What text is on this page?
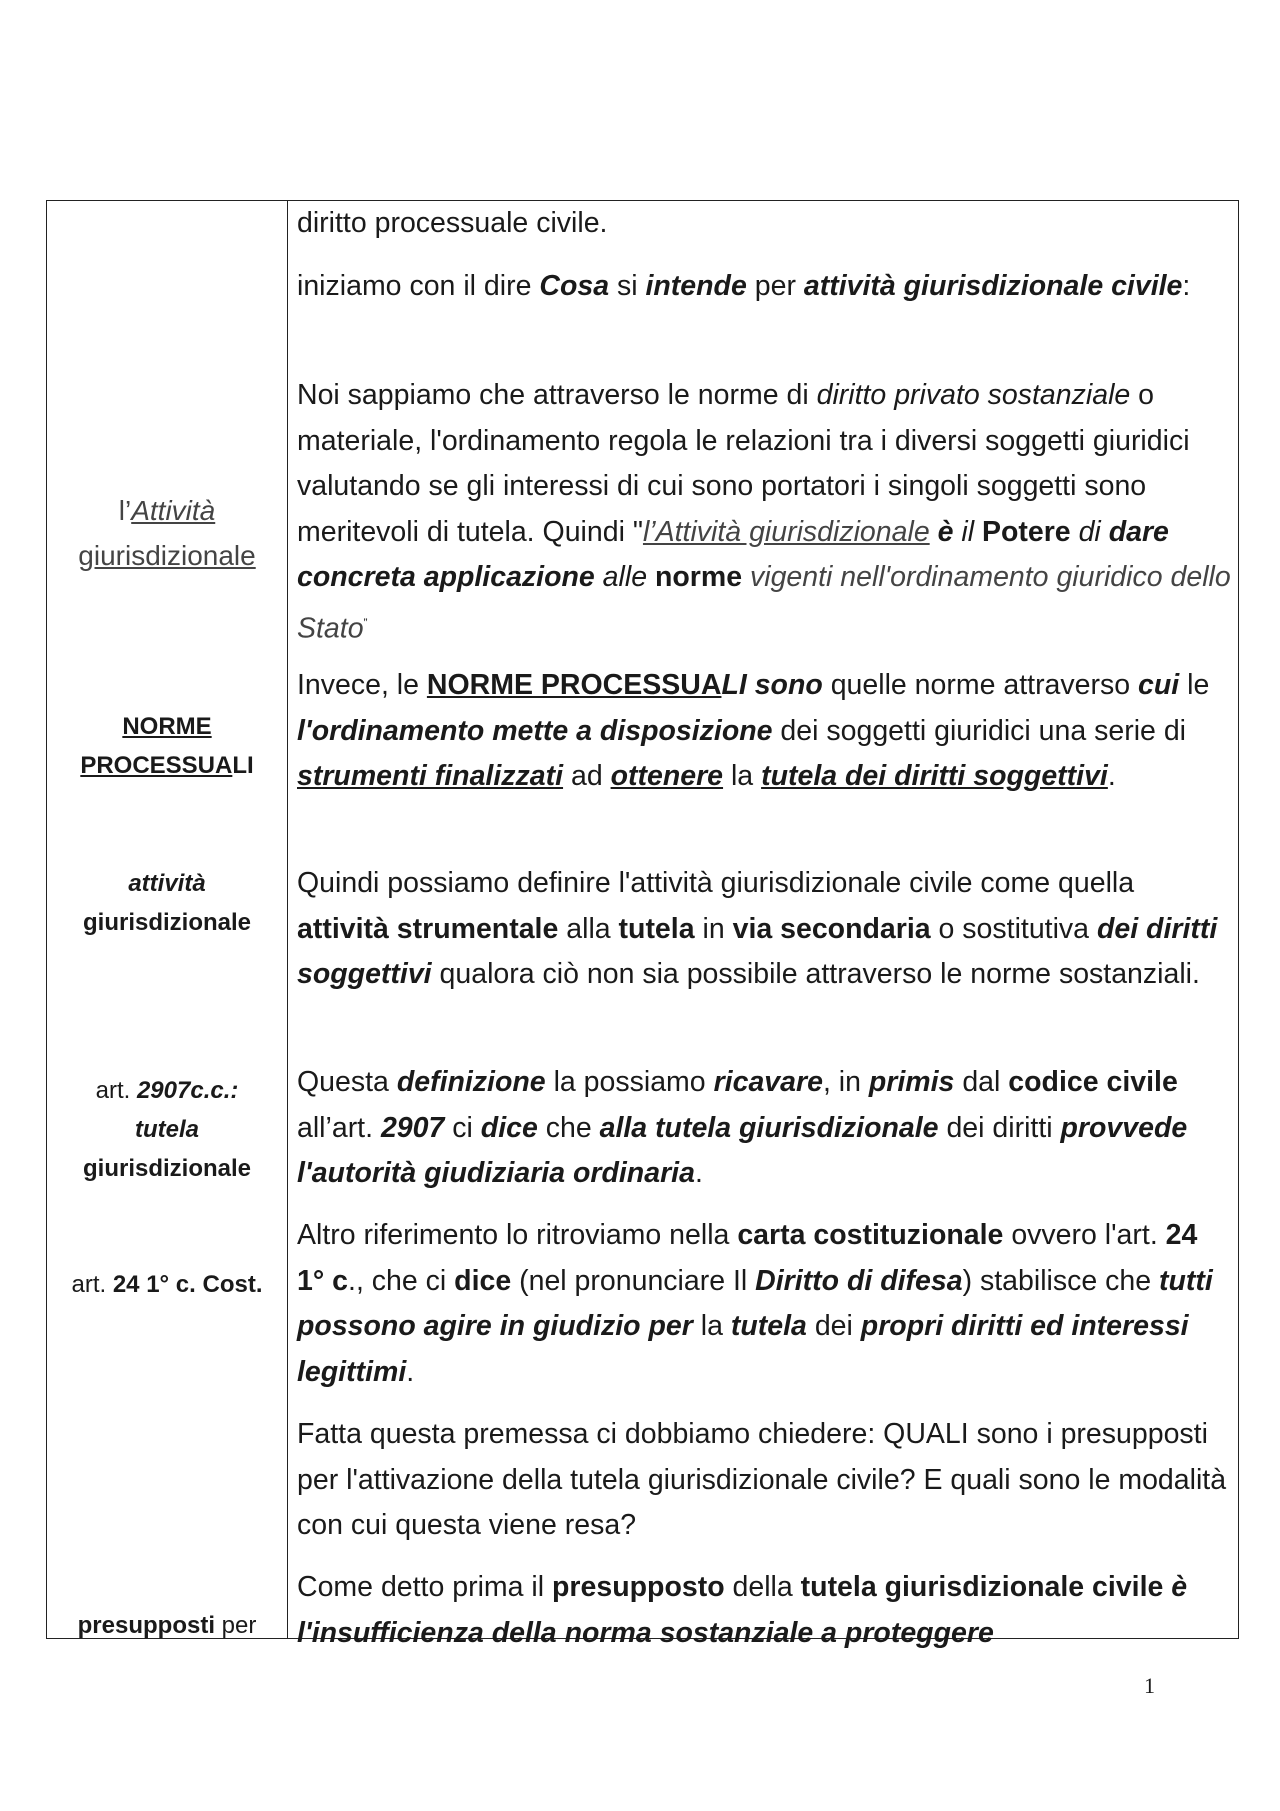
l’Attività
giurisdizionale
NORME
PROCESSUALI
attività
giurisdizionale
art. 2907c.c.:
tutela
giurisdizionale
art. 24 1° c. Cost.
presupposti per

diritto processuale civile.

iniziamo con il dire Cosa si intende per attività giurisdizionale civile:

Noi sappiamo che attraverso le norme di diritto privato sostanziale o materiale, l'ordinamento regola le relazioni tra i diversi soggetti giuridici valutando se gli interessi di cui sono portatori i singoli soggetti sono meritevoli di tutela. Quindi "l’Attività giurisdizionale è il Potere di dare concreta applicazione alle norme vigenti nell'ordinamento giuridico dello Stato”

Invece, le NORME PROCESSUALI sono quelle norme attraverso cui le l'ordinamento mette a disposizione dei soggetti giuridici una serie di strumenti finalizzati ad ottenere la tutela dei diritti soggettivi.

Quindi possiamo definire l'attività giurisdizionale civile come quella attività strumentale alla tutela in via secondaria o sostitutiva dei diritti soggettivi qualora ciò non sia possibile attraverso le norme sostanziali.

Questa definizione la possiamo ricavare, in primis dal codice civile all’art. 2907 ci dice che alla tutela giurisdizionale dei diritti provvede l'autorità giudiziaria ordinaria.

Altro riferimento lo ritroviamo nella carta costituzionale ovvero l'art. 24 1° c., che ci dice (nel pronunciare Il Diritto di difesa) stabilisce che tutti possono agire in giudizio per la tutela dei propri diritti ed interessi legittimi.

Fatta questa premessa ci dobbiamo chiedere: QUALI sono i presupposti per l'attivazione della tutela giurisdizionale civile? E quali sono le modalità con cui questa viene resa?

Come detto prima il presupposto della tutela giurisdizionale civile è l'insufficienza della norma sostanziale a proteggere

1
